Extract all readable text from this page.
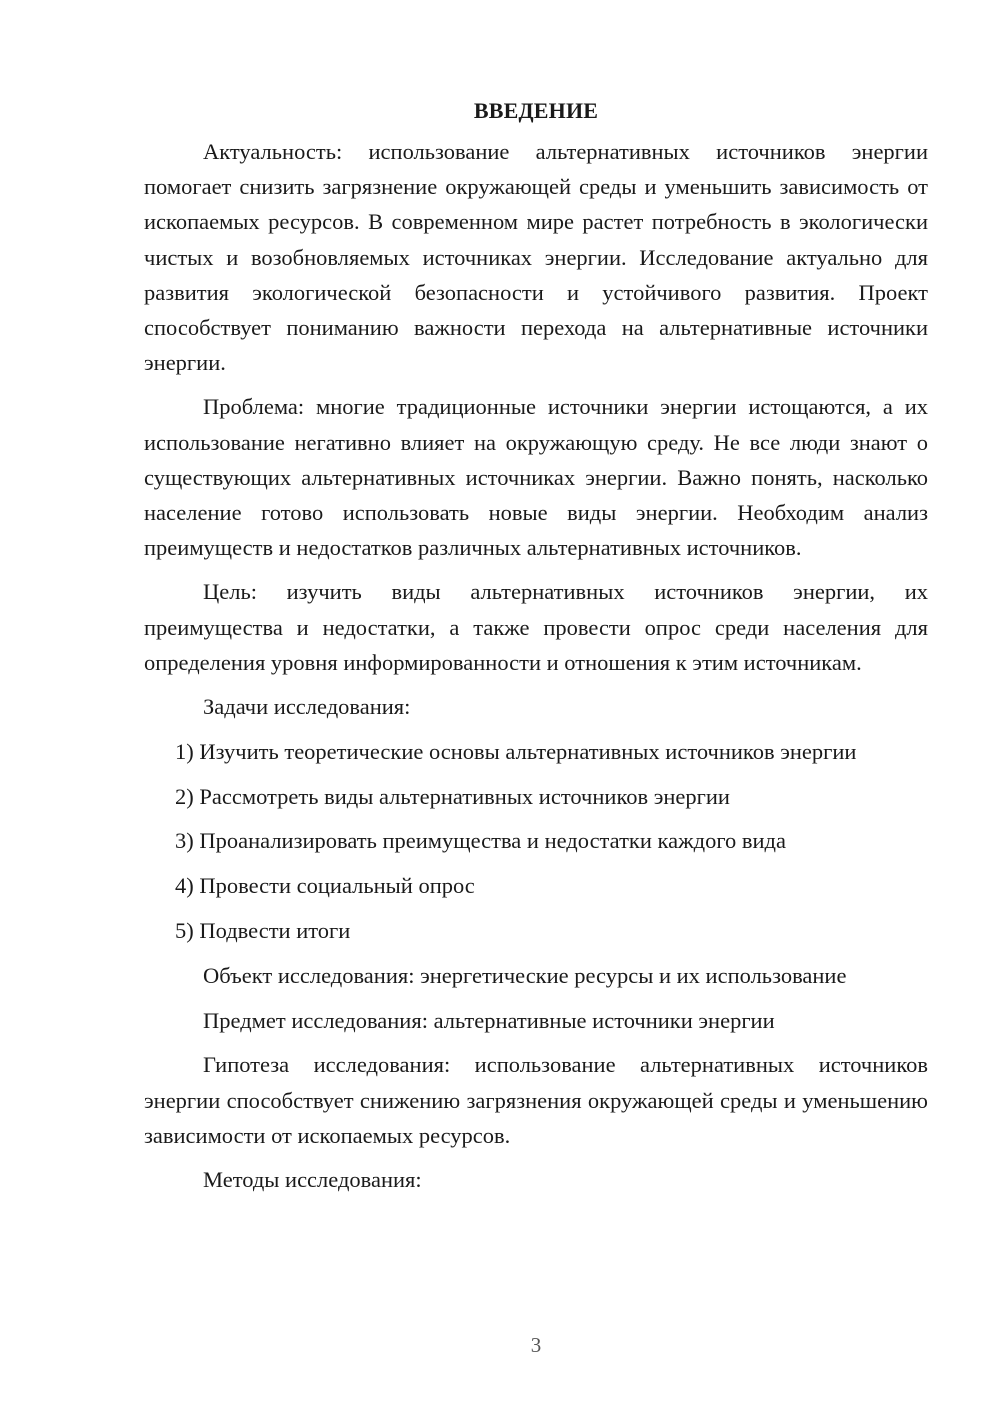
ВВЕДЕНИЕ

Актуальность: использование альтернативных источников энергии помогает снизить загрязнение окружающей среды и уменьшить зависимость от ископаемых ресурсов. В современном мире растет потребность в экологически чистых и возобновляемых источниках энергии. Исследование актуально для развития экологической безопасности и устойчивого развития. Проект способствует пониманию важности перехода на альтернативные источники энергии.

Проблема: многие традиционные источники энергии истощаются, а их использование негативно влияет на окружающую среду. Не все люди знают о существующих альтернативных источниках энергии. Важно понять, насколько население готово использовать новые виды энергии. Необходим анализ преимуществ и недостатков различных альтернативных источников.

Цель: изучить виды альтернативных источников энергии, их преимущества и недостатки, а также провести опрос среди населения для определения уровня информированности и отношения к этим источникам.

Задачи исследования:

1) Изучить теоретические основы альтернативных источников энергии
2) Рассмотреть виды альтернативных источников энергии
3) Проанализировать преимущества и недостатки каждого вида
4) Провести социальный опрос
5) Подвести итоги

Объект исследования: энергетические ресурсы и их использование

Предмет исследования: альтернативные источники энергии

Гипотеза исследования: использование альтернативных источников энергии способствует снижению загрязнения окружающей среды и уменьшению зависимости от ископаемых ресурсов.

Методы исследования:

3
